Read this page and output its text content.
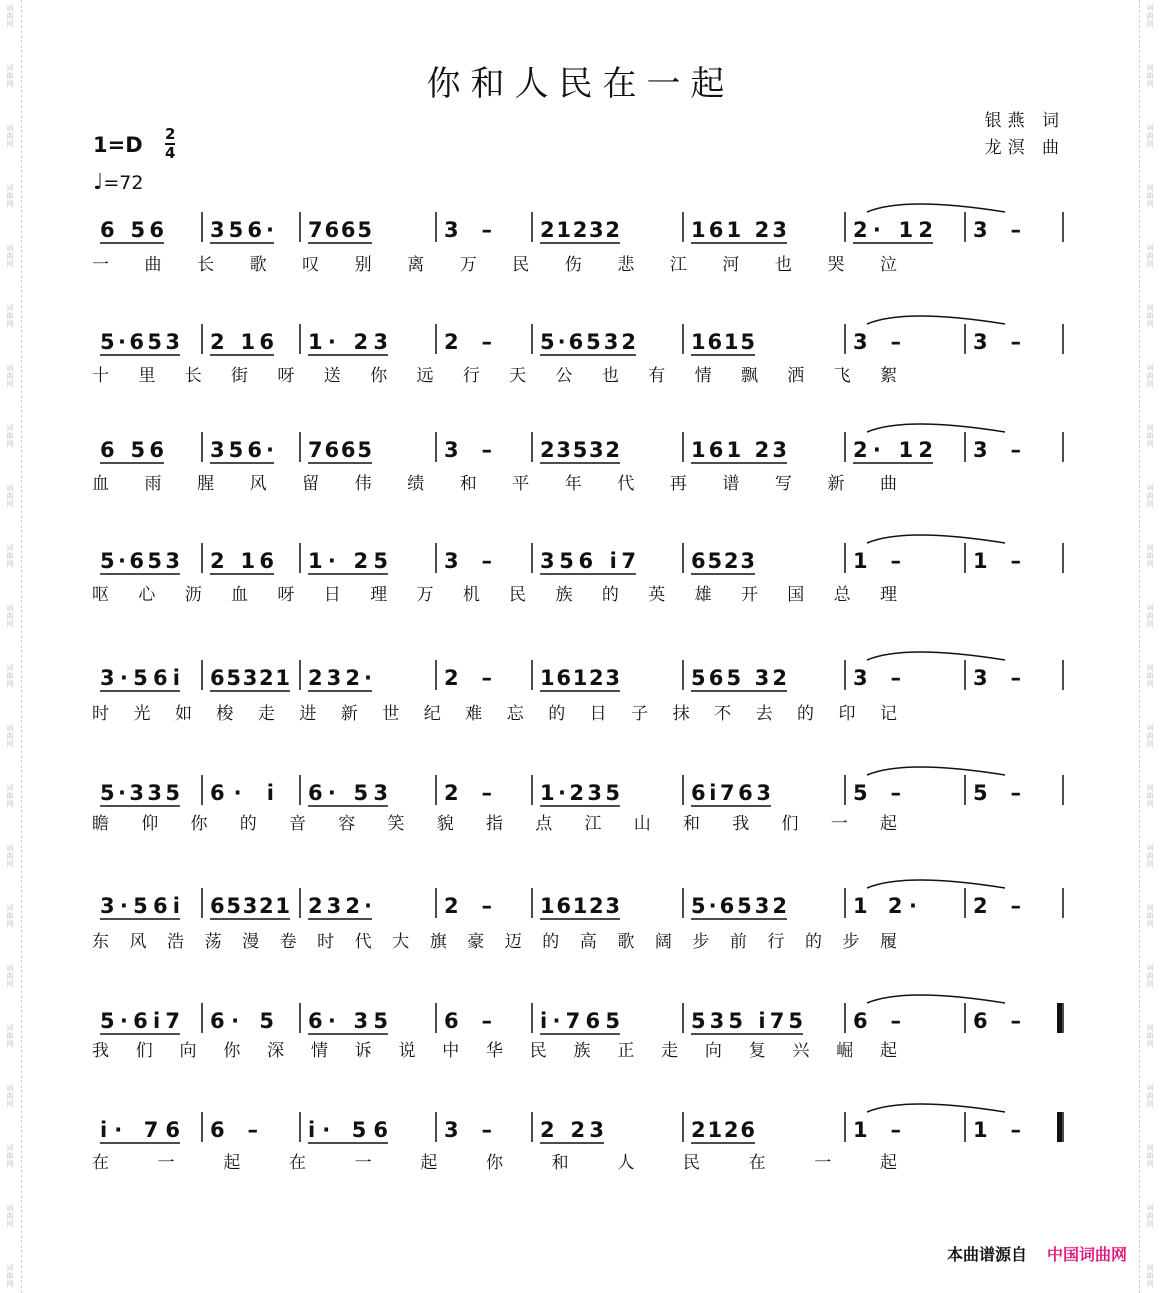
词
曲
网
词
曲
网
词
曲
网
词
曲
网
词
曲
网
词
曲
网
词
曲
网
词
曲
网
词
曲
网
词
曲
网
词
曲
网
词
曲
网
词
曲
网
词
曲
网
词
曲
网
词
曲
网
词
曲
网
词
曲
网
词
曲
网
词
曲
网
词
曲
网
词
曲
网
词
曲
网
词
曲
网
词
曲
网
词
曲
网
词
曲
网
词
曲
网
词
曲
网
词
曲
网
词
曲
网
词
曲
网
词
曲
网
词
曲
网
词
曲
网
词
曲
网
词
曲
网
词
曲
网
词
曲
网
词
曲
网
词
曲
网
词
曲
网
词
曲
网
词
曲
网
你和人民在一起
银燕 词
龙溟 曲
$1=D \frac{2}{4}$
♩=72
6 56 356· 7665	3 – 21232	161 23	2· 12 3 –
一 曲 长 歌 叹 别 离 万 民 伤 悲 江 河 也 哭 泣
5·653 2 16 1· 23	2 – 5·6532	1615	3 –	3 –
十 里 长 街 呀 送 你 远 行 天 公 也 有 情 飘 洒 飞 絮
6 56 356· 7665	3 – 23532	161 23	2· 12 3 –
血 雨 腥 风 留 伟 绩 和 平 年 代 再 谱 写 新 曲
5·653 2 16 1· 25	3 – 356 i7	6523	1 –	1 –
呕 心 沥 血 呀 日 理 万 机 民 族 的 英 雄 开 国 总 理
3·56i 65321 232·	2 – 16123	565 32	3 –	3 –
时 光 如 梭 走 进 新 世 纪 难 忘 的 日 子 抹 不 去 的 印 记
5·335 6· i 6· 53	2 – 1·235	6i763	5 –	5 –
瞻 仰 你 的 音 容 笑 貌 指 点 江 山 和 我 们 一 起
3·56i 65321 232·	2 – 16123	5·6532	1 2·	2 –
东 风 浩 荡 漫 卷 时 代 大 旗 豪 迈 的 高 歌 阔 步 前 行 的 步 履
5·6i7 6· 5 6· 35	6 – i·765	535 i75 6 –	6 –
我 们 向 你 深 情 诉 说 中 华 民 族 正 走 向 复 兴 崛 起
i· 76 6 – i· 56	3 – 2 23	2126	1 –	1 –
在	一	起	在	一	起	你	和	人	民	在	一	起
本曲谱源自 中国词曲网
